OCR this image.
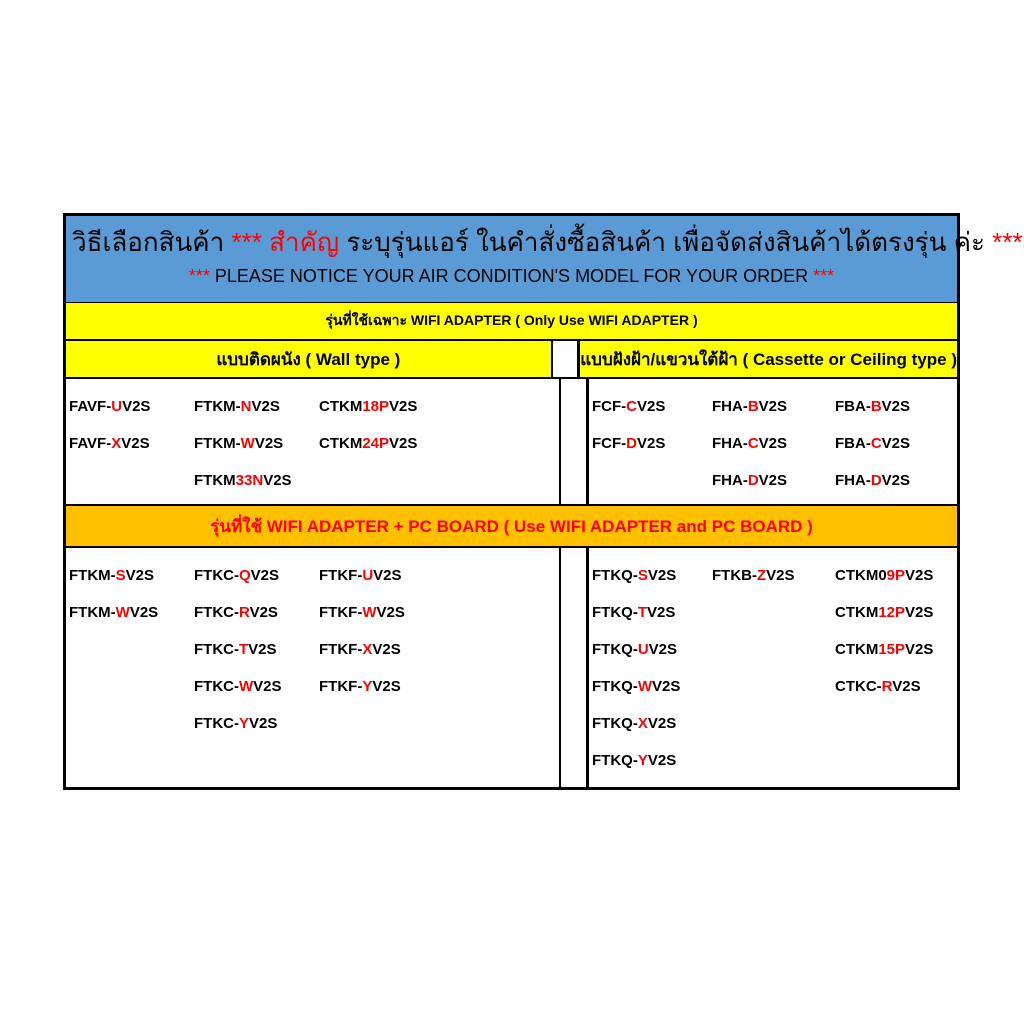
วิธีเลือกสินค้า *** สำคัญ ระบุรุ่นแอร์ ในคำสั่งซื้อสินค้า เพื่อจัดส่งสินค้าได้ตรงรุ่น ค่ะ ***
*** PLEASE NOTICE YOUR AIR CONDITION'S MODEL FOR YOUR ORDER ***
รุ่นที่ใช้เฉพาะ WIFI ADAPTER ( Only Use WIFI ADAPTER )
แบบติดผนัง ( Wall type )	แบบฝังฝ้า/แขวนใต้ฝ้า ( Cassette or Ceiling type )
FAVF-UV2S
FAVF-XV2S
FTKM-NV2S
FTKM-WV2S
FTKM33NV2S
CTKM18PV2S
CTKM24PV2S
FCF-CV2S
FCF-DV2S
FHA-BV2S
FHA-CV2S
FHA-DV2S
FBA-BV2S
FBA-CV2S
FHA-DV2S
รุ่นที่ใช้ WIFI ADAPTER + PC BOARD ( Use WIFI ADAPTER and PC BOARD )
FTKM-SV2S
FTKM-WV2S
FTKC-QV2S
FTKC-RV2S
FTKC-TV2S
FTKC-WV2S
FTKC-YV2S
FTKF-UV2S
FTKF-WV2S
FTKF-XV2S
FTKF-YV2S
FTKQ-SV2S
FTKQ-TV2S
FTKQ-UV2S
FTKQ-WV2S
FTKQ-XV2S
FTKQ-YV2S
FTKB-ZV2S	CTKM09PV2S
CTKM12PV2S
CTKM15PV2S
CTKC-RV2S
